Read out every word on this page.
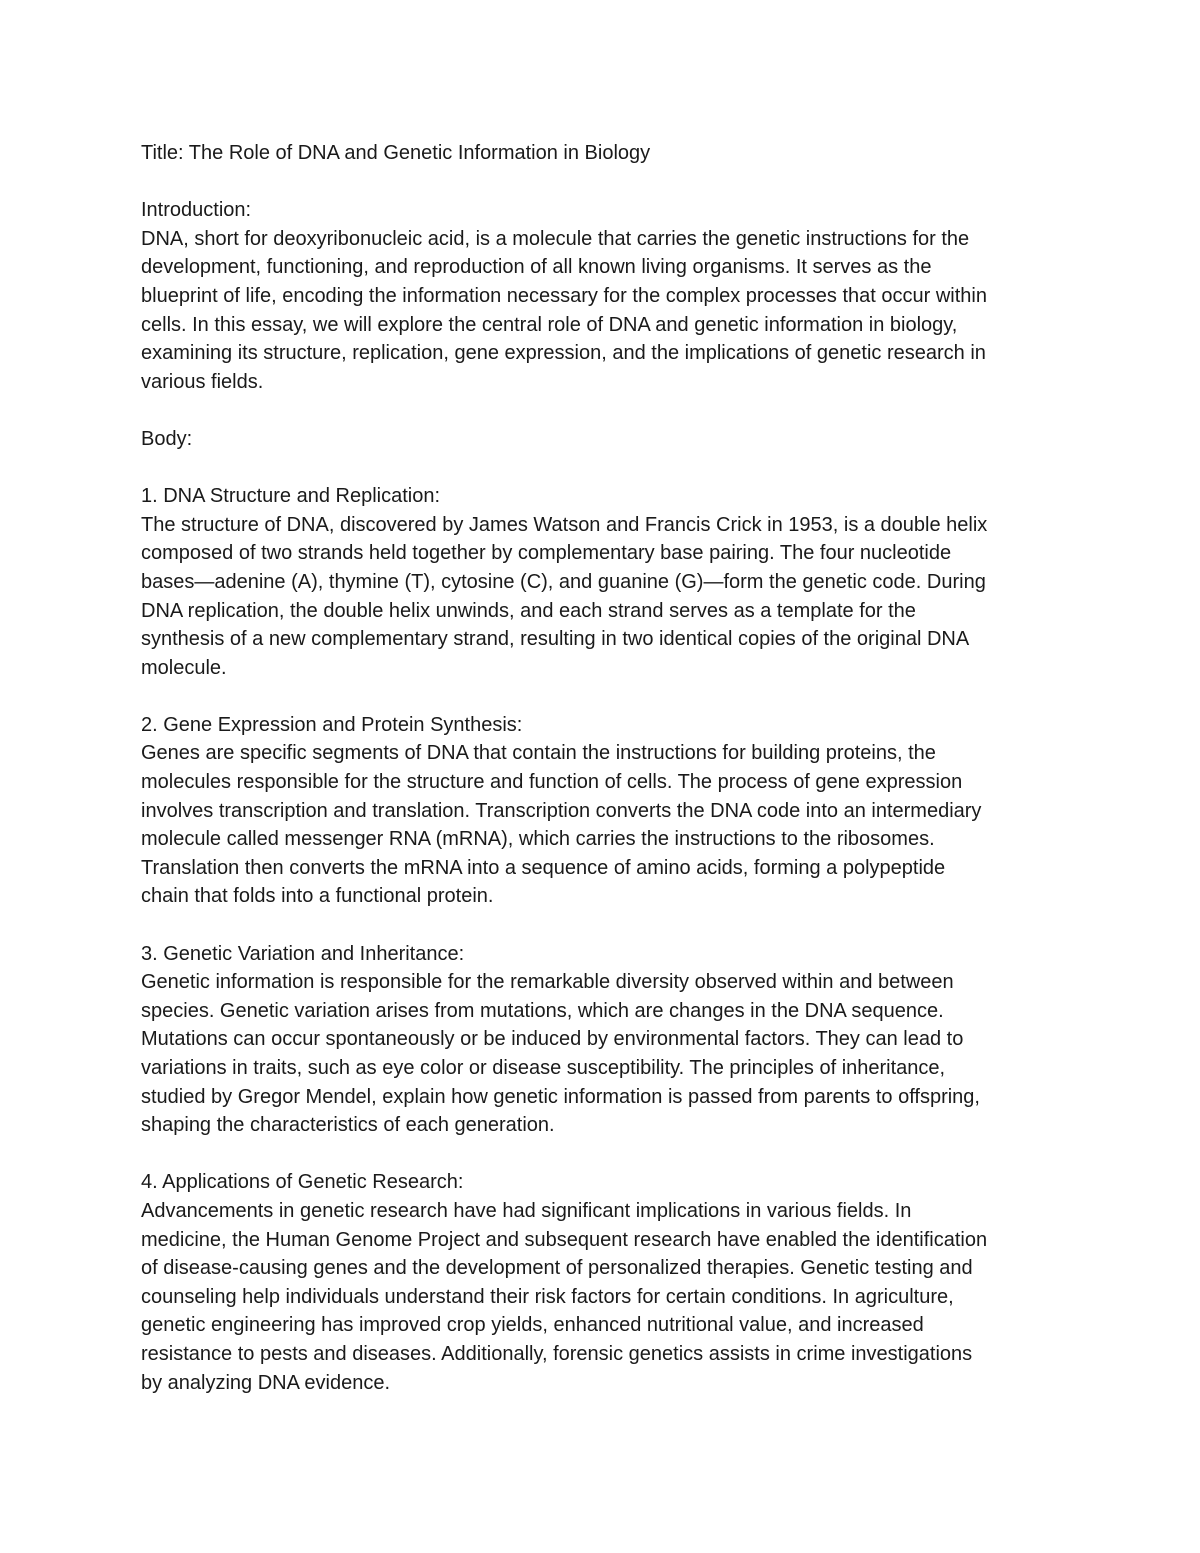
Title: The Role of DNA and Genetic Information in Biology
Introduction:
DNA, short for deoxyribonucleic acid, is a molecule that carries the genetic instructions for the
development, functioning, and reproduction of all known living organisms. It serves as the
blueprint of life, encoding the information necessary for the complex processes that occur within
cells. In this essay, we will explore the central role of DNA and genetic information in biology,
examining its structure, replication, gene expression, and the implications of genetic research in
various fields.
Body:
1. DNA Structure and Replication:
The structure of DNA, discovered by James Watson and Francis Crick in 1953, is a double helix
composed of two strands held together by complementary base pairing. The four nucleotide
bases—adenine (A), thymine (T), cytosine (C), and guanine (G)—form the genetic code. During
DNA replication, the double helix unwinds, and each strand serves as a template for the
synthesis of a new complementary strand, resulting in two identical copies of the original DNA
molecule.
2. Gene Expression and Protein Synthesis:
Genes are specific segments of DNA that contain the instructions for building proteins, the
molecules responsible for the structure and function of cells. The process of gene expression
involves transcription and translation. Transcription converts the DNA code into an intermediary
molecule called messenger RNA (mRNA), which carries the instructions to the ribosomes.
Translation then converts the mRNA into a sequence of amino acids, forming a polypeptide
chain that folds into a functional protein.
3. Genetic Variation and Inheritance:
Genetic information is responsible for the remarkable diversity observed within and between
species. Genetic variation arises from mutations, which are changes in the DNA sequence.
Mutations can occur spontaneously or be induced by environmental factors. They can lead to
variations in traits, such as eye color or disease susceptibility. The principles of inheritance,
studied by Gregor Mendel, explain how genetic information is passed from parents to offspring,
shaping the characteristics of each generation.
4. Applications of Genetic Research:
Advancements in genetic research have had significant implications in various fields. In
medicine, the Human Genome Project and subsequent research have enabled the identification
of disease-causing genes and the development of personalized therapies. Genetic testing and
counseling help individuals understand their risk factors for certain conditions. In agriculture,
genetic engineering has improved crop yields, enhanced nutritional value, and increased
resistance to pests and diseases. Additionally, forensic genetics assists in crime investigations
by analyzing DNA evidence.
